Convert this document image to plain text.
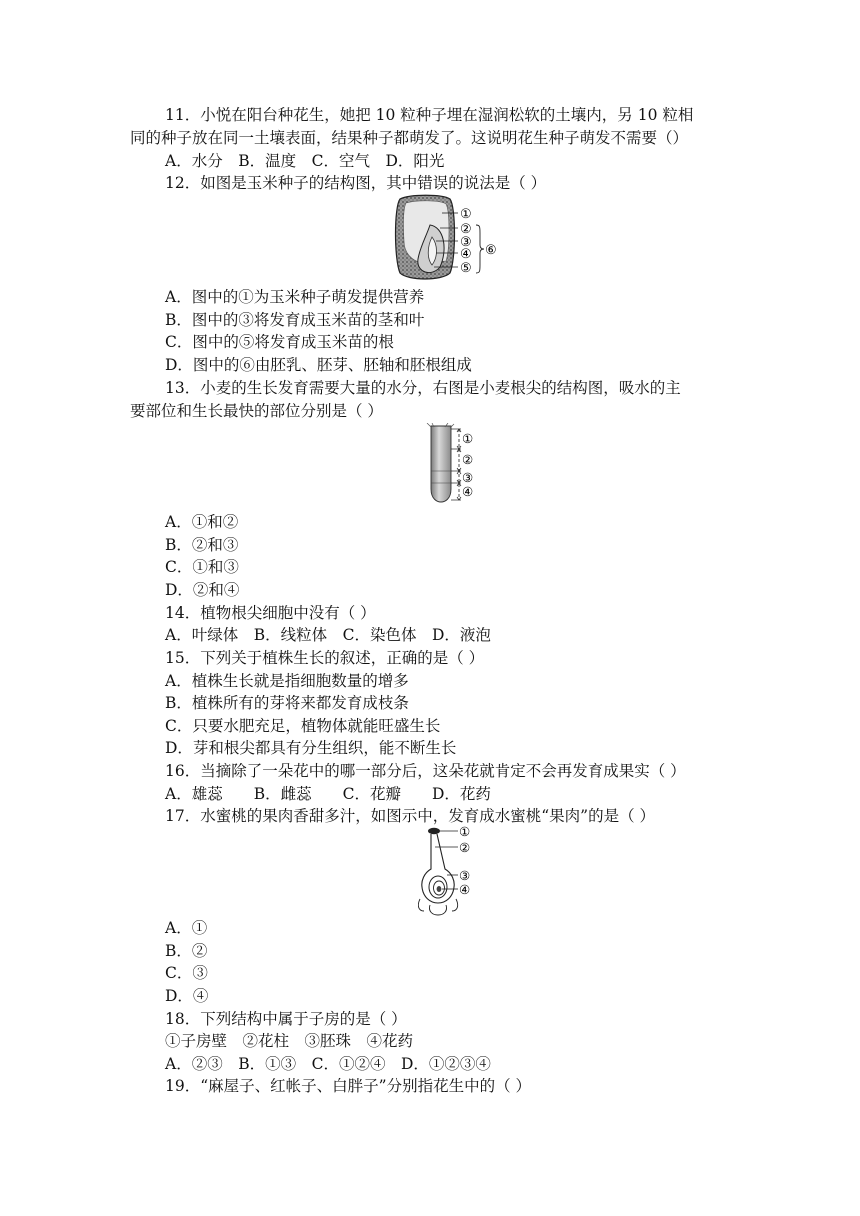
11．小悦在阳台种花生，她把 10 粒种子埋在湿润松软的土壤内，另 10 粒相
同的种子放在同一土壤表面，结果种子都萌发了。这说明花生种子萌发不需要（）
A．水分　B．温度　C．空气　D．阳光
12．如图是玉米种子的结构图，其中错误的说法是（ ）
①
②
③
④
⑤
⑥
A．图中的①为玉米种子萌发提供营养
B．图中的③将发育成玉米苗的茎和叶
C．图中的⑤将发育成玉米苗的根
D．图中的⑥由胚乳、胚芽、胚轴和胚根组成
13．小麦的生长发育需要大量的水分，右图是小麦根尖的结构图，吸水的主
要部位和生长最快的部位分别是（ ）
①
②
③
④
A．①和②
B．②和③
C．①和③
D．②和④
14．植物根尖细胞中没有（ ）
A．叶绿体　B．线粒体　C．染色体　D．液泡
15．下列关于植株生长的叙述，正确的是（ ）
A．植株生长就是指细胞数量的增多
B．植株所有的芽将来都发育成枝条
C．只要水肥充足，植物体就能旺盛生长
D．芽和根尖都具有分生组织，能不断生长
16．当摘除了一朵花中的哪一部分后，这朵花就肯定不会再发育成果实（ ）
A．雄蕊　　B．雌蕊　　C．花瓣　　D．花药
17．水蜜桃的果肉香甜多汁，如图示中，发育成水蜜桃“果肉”的是（ ）
①
②
③
④
A．①
B．②
C．③
D．④
18．下列结构中属于子房的是（ ）
①子房壁　②花柱　③胚珠　④花药
A．②③　B．①③　C．①②④　D．①②③④
19．“麻屋子、红帐子、白胖子”分别指花生中的（ ）
